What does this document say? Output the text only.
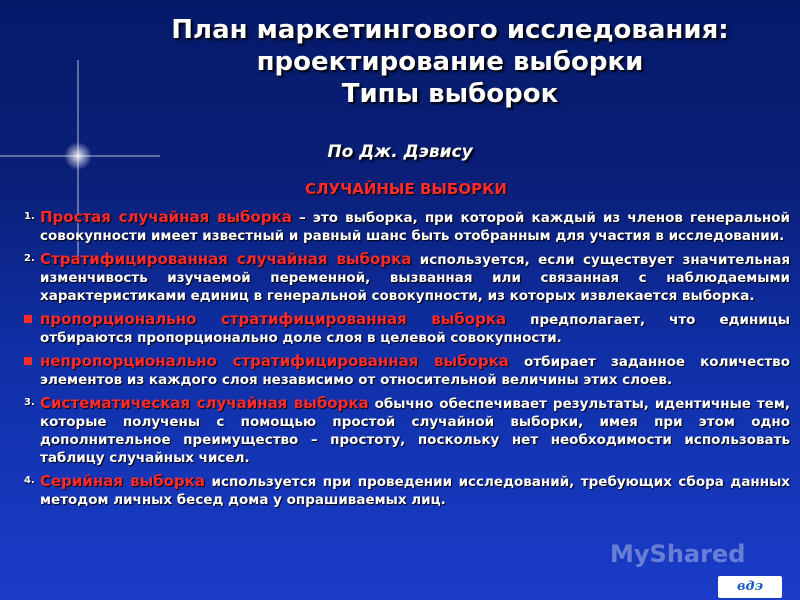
План маркетингового исследования:
проектирование выборки
Типы выборок
По Дж. Дэвису
СЛУЧАЙНЫЕ ВЫБОРКИ
1. Простая случайная выборка – это выборка, при которой каждый из членов генеральной совокупности имеет известный и равный шанс быть отобранным для участия в исследовании.
2. Стратифицированная случайная выборка используется, если существует значительная изменчивость изучаемой переменной, вызванная или связанная с наблюдаемыми характеристиками единиц в генеральной совокупности, из которых извлекается выборка.
пропорционально стратифицированная выборка предполагает, что единицы отбираются пропорционально доле слоя в целевой совокупности.
непропорционально стратифицированная выборка отбирает заданное количество элементов из каждого слоя независимо от относительной величины этих слоев.
3. Систематическая случайная выборка обычно обеспечивает результаты, идентичные тем, которые получены с помощью простой случайной выборки, имея при этом одно дополнительное преимущество – простоту, поскольку нет необходимости использовать таблицу случайных чисел.
4. Серийная выборка используется при проведении исследований, требующих сбора данных методом личных бесед дома у опрашиваемых лиц.
MyShared
вдэ
